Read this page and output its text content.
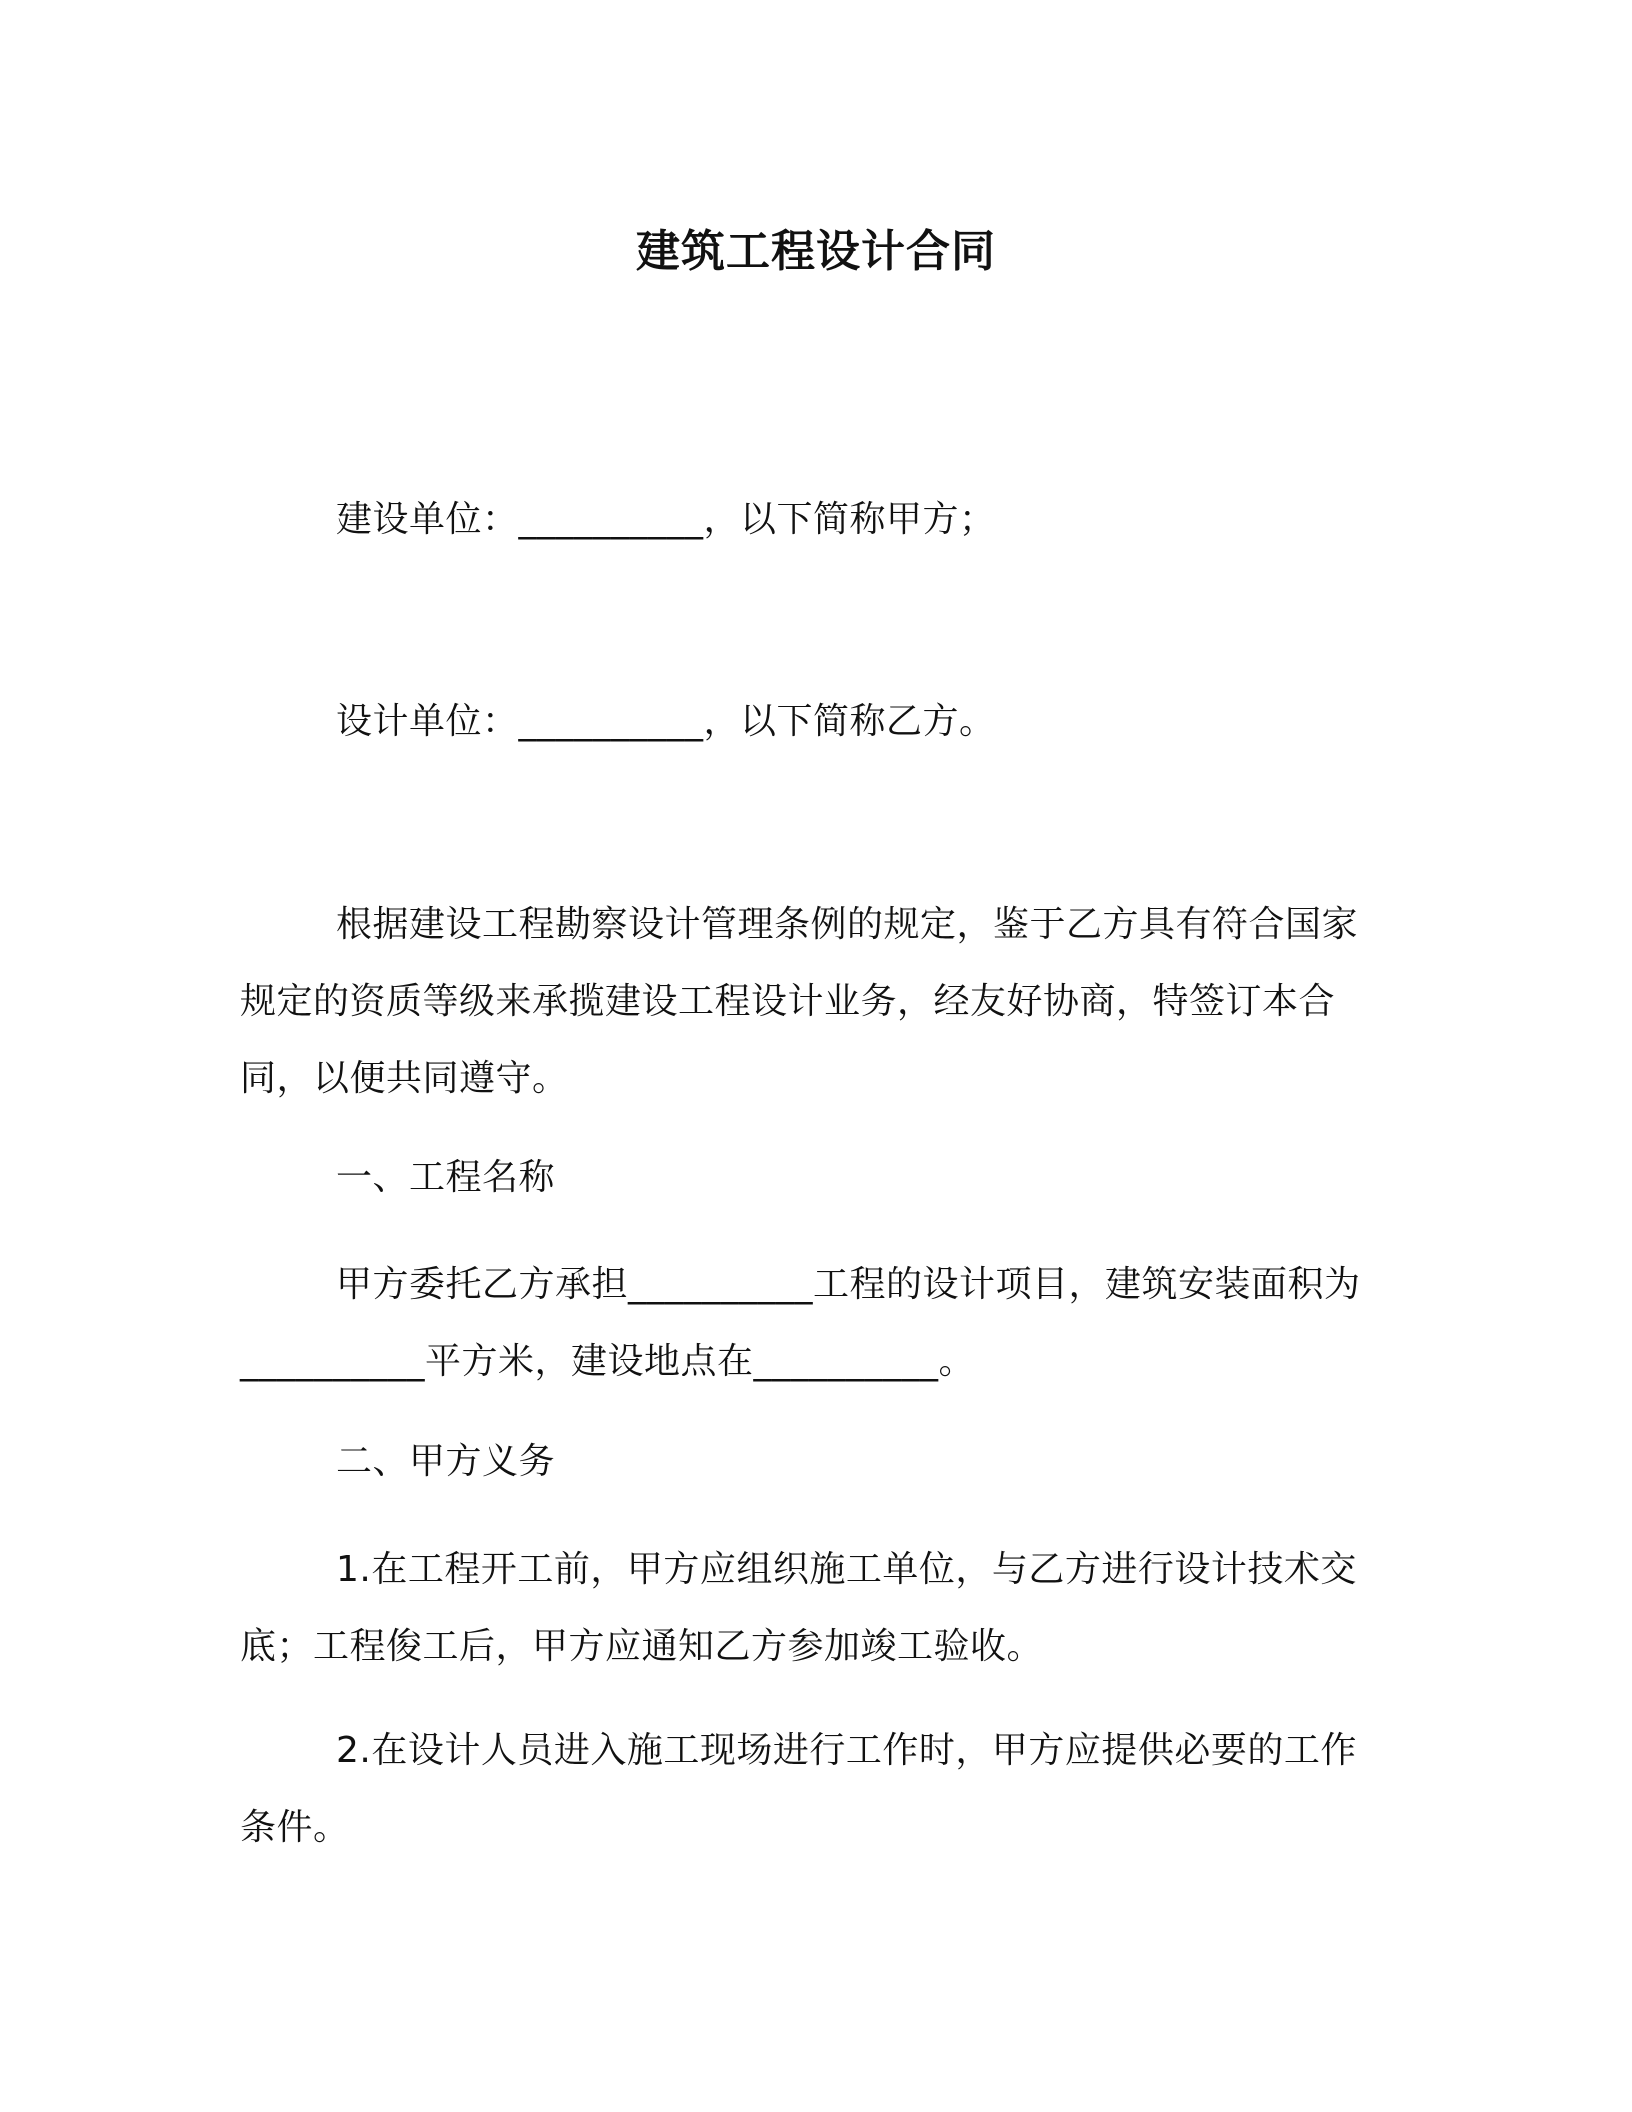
建筑工程设计合同
建设单位：__________，以下简称甲方；
设计单位：__________，以下简称乙方。
根据建设工程勘察设计管理条例的规定，鉴于乙方具有符合国家规定的资质等级来承揽建设工程设计业务，经友好协商，特签订本合同，以便共同遵守。
一、工程名称
甲方委托乙方承担__________工程的设计项目，建筑安装面积为__________平方米，建设地点在__________。
二、甲方义务
1.在工程开工前，甲方应组织施工单位，与乙方进行设计技术交底；工程俊工后，甲方应通知乙方参加竣工验收。
2.在设计人员进入施工现场进行工作时，甲方应提供必要的工作条件。
